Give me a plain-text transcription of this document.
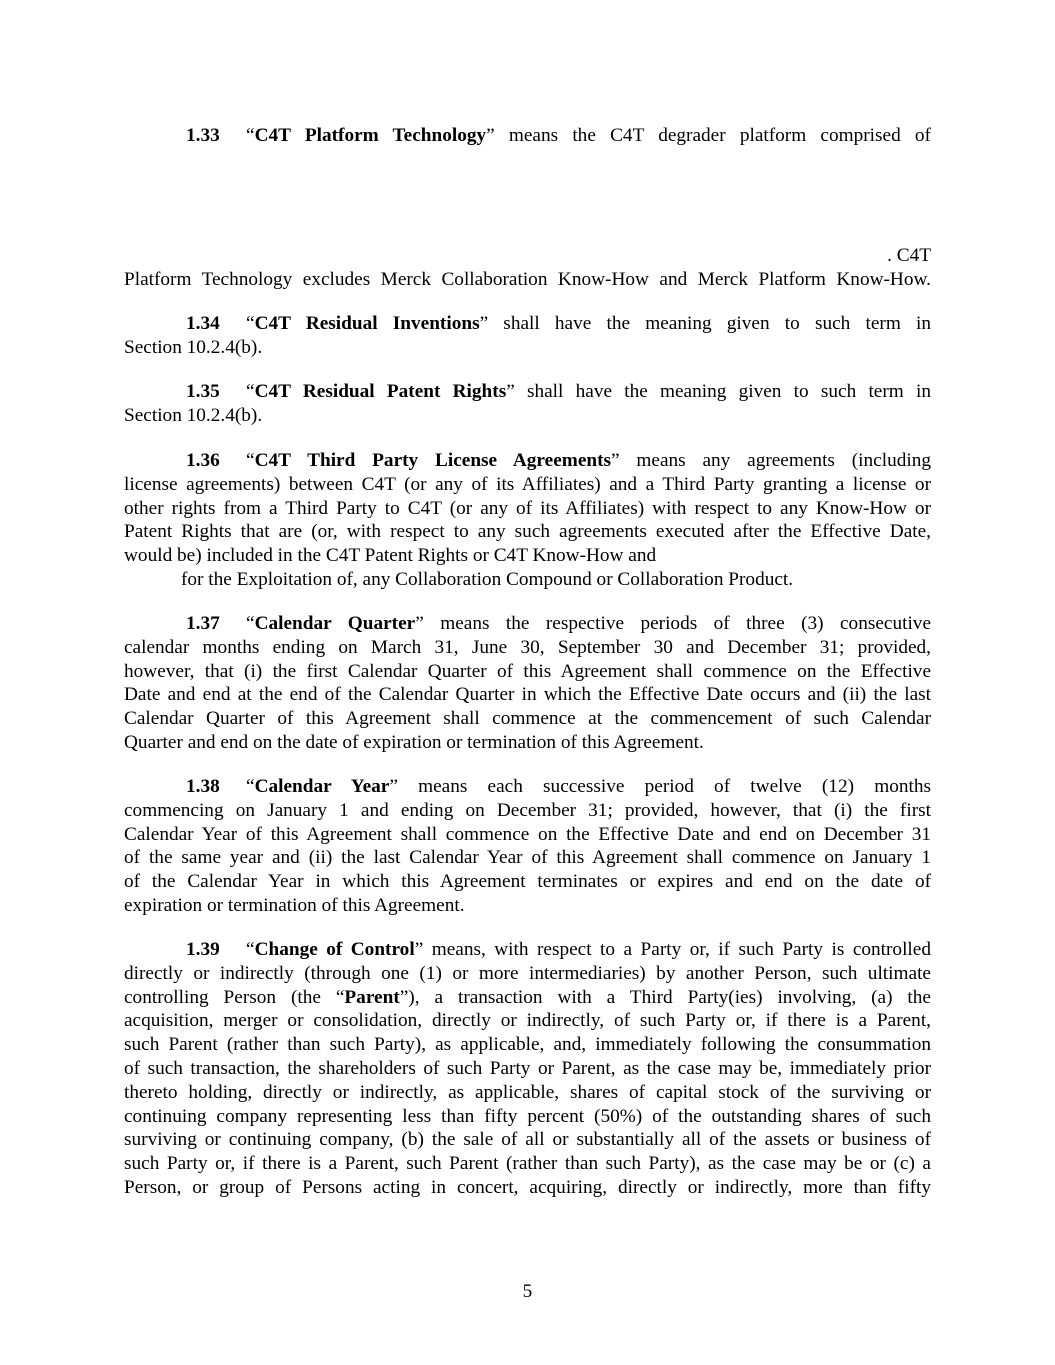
1.33 “C4T Platform Technology” means the C4T degrader platform comprised of
. C4T
Platform Technology excludes Merck Collaboration Know-How and Merck Platform Know-How.
1.34 “C4T Residual Inventions” shall have the meaning given to such term in
Section 10.2.4(b).
1.35 “C4T Residual Patent Rights” shall have the meaning given to such term in
Section 10.2.4(b).
1.36 “C4T Third Party License Agreements” means any agreements (including
license agreements) between C4T (or any of its Affiliates) and a Third Party granting a license or
other rights from a Third Party to C4T (or any of its Affiliates) with respect to any Know-How or
Patent Rights that are (or, with respect to any such agreements executed after the Effective Date,
would be) included in the C4T Patent Rights or C4T Know-How and
for the Exploitation of, any Collaboration Compound or Collaboration Product.
1.37 “Calendar Quarter” means the respective periods of three (3) consecutive
calendar months ending on March 31, June 30, September 30 and December 31; provided,
however, that (i) the first Calendar Quarter of this Agreement shall commence on the Effective
Date and end at the end of the Calendar Quarter in which the Effective Date occurs and (ii) the last
Calendar Quarter of this Agreement shall commence at the commencement of such Calendar
Quarter and end on the date of expiration or termination of this Agreement.
1.38 “Calendar Year” means each successive period of twelve (12) months
commencing on January 1 and ending on December 31; provided, however, that (i) the first
Calendar Year of this Agreement shall commence on the Effective Date and end on December 31
of the same year and (ii) the last Calendar Year of this Agreement shall commence on January 1
of the Calendar Year in which this Agreement terminates or expires and end on the date of
expiration or termination of this Agreement.
1.39 “Change of Control” means, with respect to a Party or, if such Party is controlled
directly or indirectly (through one (1) or more intermediaries) by another Person, such ultimate
controlling Person (the “Parent”), a transaction with a Third Party(ies) involving, (a) the
acquisition, merger or consolidation, directly or indirectly, of such Party or, if there is a Parent,
such Parent (rather than such Party), as applicable, and, immediately following the consummation
of such transaction, the shareholders of such Party or Parent, as the case may be, immediately prior
thereto holding, directly or indirectly, as applicable, shares of capital stock of the surviving or
continuing company representing less than fifty percent (50%) of the outstanding shares of such
surviving or continuing company, (b) the sale of all or substantially all of the assets or business of
such Party or, if there is a Parent, such Parent (rather than such Party), as the case may be or (c) a
Person, or group of Persons acting in concert, acquiring, directly or indirectly, more than fifty
5
